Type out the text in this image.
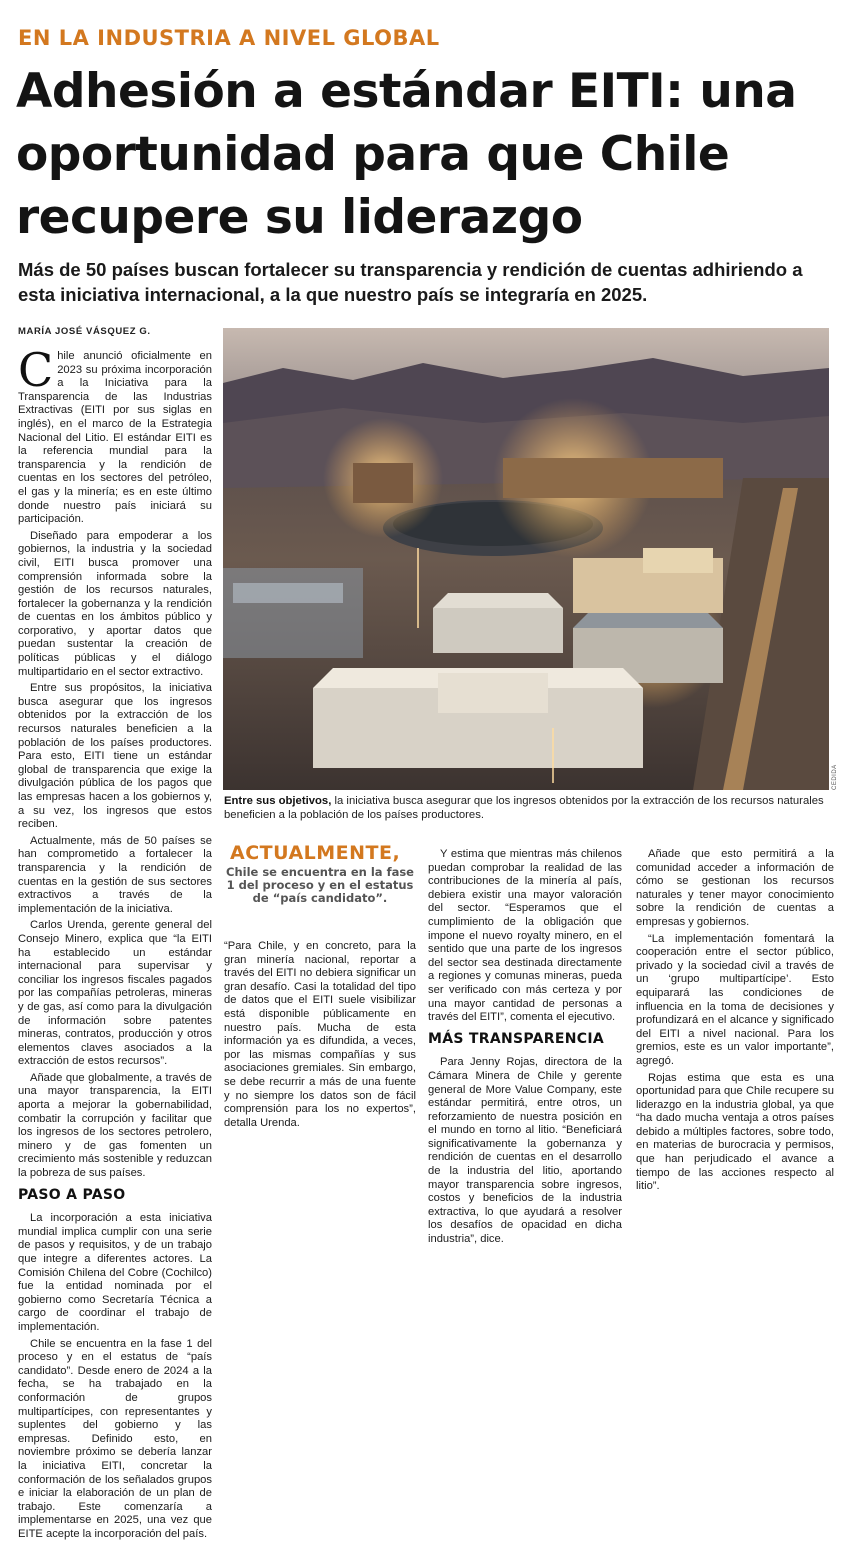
EN LA INDUSTRIA A NIVEL GLOBAL
Adhesión a estándar EITI: una oportunidad para que Chile recupere su liderazgo

Más de 50 países buscan fortalecer su transparencia y rendición de cuentas adhiriendo a esta iniciativa internacional, a la que nuestro país se integraría en 2025.

MARÍA JOSÉ VÁSQUEZ G.

Chile anunció oficialmente en 2023 su próxima incorporación a la Iniciativa para la Transparencia de las Industrias Extractivas (EITI por sus siglas en inglés), en el marco de la Estrategia Nacional del Litio. El estándar EITI es la referencia mundial para la transparencia y la rendición de cuentas en los sectores del petróleo, el gas y la minería; es en este último donde nuestro país iniciará su participación.

Diseñado para empoderar a los gobiernos, la industria y la sociedad civil, EITI busca promover una comprensión informada sobre la gestión de los recursos naturales, fortalecer la gobernanza y la rendición de cuentas en los ámbitos público y corporativo, y aportar datos que puedan sustentar la creación de políticas públicas y el diálogo multipartidario en el sector extractivo.

Entre sus propósitos, la iniciativa busca asegurar que los ingresos obtenidos por la extracción de los recursos naturales beneficien a la población de los países productores. Para esto, EITI tiene un estándar global de transparencia que exige la divulgación pública de los pagos que las empresas hacen a los gobiernos y, a su vez, los ingresos que estos reciben.

Actualmente, más de 50 países se han comprometido a fortalecer la transparencia y la rendición de cuentas en la gestión de sus sectores extractivos a través de la implementación de la iniciativa.

Carlos Urenda, gerente general del Consejo Minero, explica que “la EITI ha establecido un estándar internacional para supervisar y conciliar los ingresos fiscales pagados por las compañías petroleras, mineras y de gas, así como para la divulgación de información sobre patentes mineras, contratos, producción y otros elementos claves asociados a la extracción de estos recursos”.

Añade que globalmente, a través de una mayor transparencia, la EITI aporta a mejorar la gobernabilidad, combatir la corrupción y facilitar que los ingresos de los sectores petrolero, minero y de gas fomenten un crecimiento más sostenible y reduzcan la pobreza de sus países.

PASO A PASO

La incorporación a esta iniciativa mundial implica cumplir con una serie de pasos y requisitos, y de un trabajo que integre a diferentes actores. La Comisión Chilena del Cobre (Cochilco) fue la entidad nominada por el gobierno como Secretaría Técnica a cargo de coordinar el trabajo de implementación.

Chile se encuentra en la fase 1 del proceso y en el estatus de “país candidato”. Desde enero de 2024 a la fecha, se ha trabajado en la conformación de grupos multipartícipes, con representantes y suplentes del gobierno y las empresas. Definido esto, en noviembre próximo se debería lanzar la iniciativa EITI, concretar la conformación de los señalados grupos e iniciar la elaboración de un plan de trabajo. Este comenzaría a implementarse en 2025, una vez que EITE acepte la incorporación del país.

CEDIDA
Entre sus objetivos, la iniciativa busca asegurar que los ingresos obtenidos por la extracción de los recursos naturales beneficien a la población de los países productores.
ACTUALMENTE,
Chile se encuentra en la fase 1 del proceso y en el estatus de “país candidato”.

“Para Chile, y en concreto, para la gran minería nacional, reportar a través del EITI no debiera significar un gran desafío. Casi la totalidad del tipo de datos que el EITI suele visibilizar está disponible públicamente en nuestro país. Mucha de esta información ya es difundida, a veces, por las mismas compañías y sus asociaciones gremiales. Sin embargo, se debe recurrir a más de una fuente y no siempre los datos son de fácil comprensión para los no expertos”, detalla Urenda.

Y estima que mientras más chilenos puedan comprobar la realidad de las contribuciones de la minería al país, debiera existir una mayor valoración del sector. “Esperamos que el cumplimiento de la obligación que impone el nuevo royalty minero, en el sentido que una parte de los ingresos del sector sea destinada directamente a regiones y comunas mineras, pueda ser verificado con más certeza y por una mayor cantidad de personas a través del EITI”, comenta el ejecutivo.

MÁS TRANSPARENCIA

Para Jenny Rojas, directora de la Cámara Minera de Chile y gerente general de More Value Company, este estándar permitirá, entre otros, un reforzamiento de nuestra posición en el mundo en torno al litio. “Beneficiará significativamente la gobernanza y rendición de cuentas en el desarrollo de la industria del litio, aportando mayor transparencia sobre ingresos, costos y beneficios de la industria extractiva, lo que ayudará a resolver los desafíos de opacidad en dicha industria”, dice.

Añade que esto permitirá a la comunidad acceder a información de cómo se gestionan los recursos naturales y tener mayor conocimiento sobre la rendición de cuentas a empresas y gobiernos.

“La implementación fomentará la cooperación entre el sector público, privado y la sociedad civil a través de un ‘grupo multipartícipe’. Esto equiparará las condiciones de influencia en la toma de decisiones y profundizará en el alcance y significado del EITI a nivel nacional. Para los gremios, este es un valor importante”, agregó.

Rojas estima que esta es una oportunidad para que Chile recupere su liderazgo en la industria global, ya que “ha dado mucha ventaja a otros países debido a múltiples factores, sobre todo, en materias de burocracia y permisos, que han perjudicado el avance a tiempo de las acciones respecto al litio”.
